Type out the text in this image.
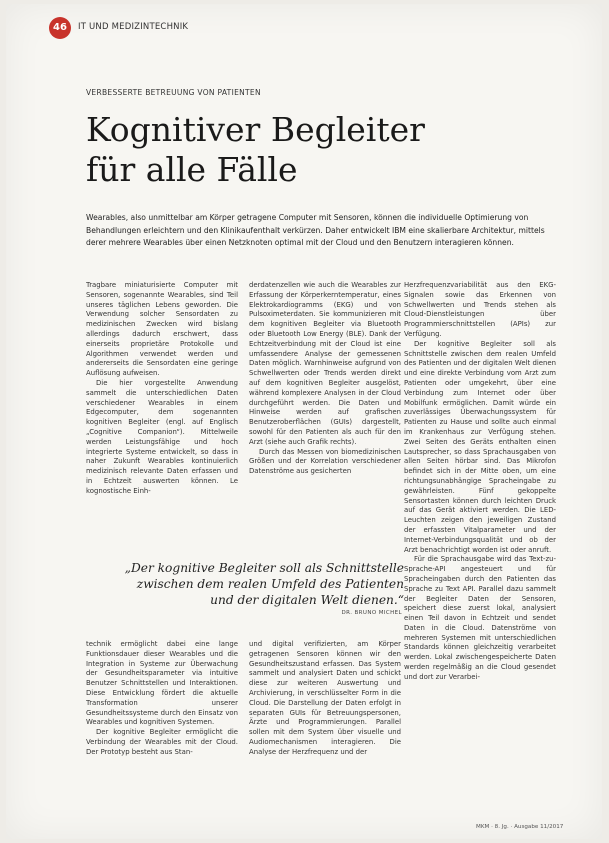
46	IT UND MEDIZINTECHNIK
VERBESSERTE BETREUUNG VON PATIENTEN
Kognitiver Begleiter
für alle Fälle
Wearables, also unmittelbar am Körper getragene Computer mit Sensoren, können die individuelle Optimierung von Behandlungen erleichtern und den Klinikaufenthalt verkürzen. Daher entwickelt IBM eine skalierbare Architektur, mittels derer mehrere Wearables über einen Netzknoten optimal mit der Cloud und den Benutzern interagieren können.

Tragbare miniaturisierte Computer mit Sensoren, sogenannte Wearables, sind Teil unseres täglichen Lebens geworden. Die Verwendung solcher Sensordaten zu medizinischen Zwecken wird bislang allerdings dadurch erschwert, dass einerseits proprietäre Protokolle und Algorithmen verwendet werden und andererseits die Sensordaten eine geringe Auflösung aufweisen.

Die hier vorgestellte Anwendung sammelt die unterschiedlichen Daten verschiedener Wearables in einem Edgecomputer, dem sogenannten kognitiven Begleiter (engl. auf Englisch „Cognitive Companion“). Mittelweile werden Leistungsfähige und hoch integrierte Systeme entwickelt, so dass in naher Zukunft Wearables kontinuierlich medizinisch relevante Daten erfassen und in Echtzeit auswerten können. Le kognostische Einh-

derdatenzellen wie auch die Wearables zur Erfassung der Körperkerntemperatur, eines Elektrokardiogramms (EKG) und von Pulsoximeterdaten. Sie kommunizieren mit dem kognitiven Begleiter via Bluetooth oder Bluetooth Low Energy (BLE). Dank der Echtzeitverbindung mit der Cloud ist eine umfassendere Analyse der gemessenen Daten möglich. Warnhinweise aufgrund von Schwellwerten oder Trends werden direkt auf dem kognitiven Begleiter ausgelöst, während komplexere Analysen in der Cloud durchgeführt werden. Die Daten und Hinweise werden auf grafischen Benutzeroberflächen (GUIs) dargestellt, sowohl für den Patienten als auch für den Arzt (siehe auch Grafik rechts).

Durch das Messen von biomedizinischen Größen und der Korrelation verschiedener Datenströme aus gesicherten

Herzfrequenzvariabilität aus den EKG-Signalen sowie das Erkennen von Schwellwerten und Trends stehen als Cloud-Dienstleistungen über Programmierschnittstellen (APIs) zur Verfügung.

Der kognitive Begleiter soll als Schnittstelle zwischen dem realen Umfeld des Patienten und der digitalen Welt dienen und eine direkte Verbindung vom Arzt zum Patienten oder umgekehrt, über eine Verbindung zum Internet oder über Mobilfunk ermöglichen. Damit würde ein zuverlässiges Überwachungssystem für Patienten zu Hause und sollte auch einmal im Krankenhaus zur Verfügung stehen. Zwei Seiten des Geräts enthalten einen Lautsprecher, so dass Sprachausgaben von allen Seiten hörbar sind. Das Mikrofon befindet sich in der Mitte oben, um eine richtungsunabhängige Spracheingabe zu gewährleisten. Fünf gekoppelte Sensortasten können durch leichten Druck auf das Gerät aktiviert werden. Die LED-Leuchten zeigen den jeweiligen Zustand der erfassten Vitalparameter und der Internet-Verbindungsqualität und ob der Arzt benachrichtigt worden ist oder anruft.

Für die Sprachausgabe wird das Text-zu-Sprache-API angesteuert und für Spracheingaben durch den Patienten das Sprache zu Text API. Parallel dazu sammelt der Begleiter Daten der Sensoren, speichert diese zuerst lokal, analysiert einen Teil davon in Echtzeit und sendet Daten in die Cloud. Datenströme von mehreren Systemen mit unterschiedlichen Standards können gleichzeitig verarbeitet werden. Lokal zwischengespeicherte Daten werden regelmäßig an die Cloud gesendet und dort zur Verarbei-

„Der kognitive Begleiter soll als Schnittstelle zwischen dem realen Umfeld des Patienten und der digitalen Welt dienen.“
DR. BRUNO MICHEL

technik ermöglicht dabei eine lange Funktionsdauer dieser Wearables und die Integration in Systeme zur Überwachung der Gesundheitsparameter via intuitive Benutzer Schnittstellen und Interaktionen. Diese Entwicklung fördert die aktuelle Transformation unserer Gesundheitssysteme durch den Einsatz von Wearables und kognitiven Systemen.

Der kognitive Begleiter ermöglicht die Verbindung der Wearables mit der Cloud. Der Prototyp besteht aus Stan-

und digital verifizierten, am Körper getragenen Sensoren können wir den Gesundheitszustand erfassen. Das System sammelt und analysiert Daten und schickt diese zur weiteren Auswertung und Archivierung, in verschlüsselter Form in die Cloud. Die Darstellung der Daten erfolgt in separaten GUIs für Betreuungspersonen, Ärzte und Programmierungen. Parallel sollen mit dem System über visuelle und Audiomechanismen interagieren. Die Analyse der Herzfrequenz und der

MKM · 8. Jg. · Ausgabe 11/2017
